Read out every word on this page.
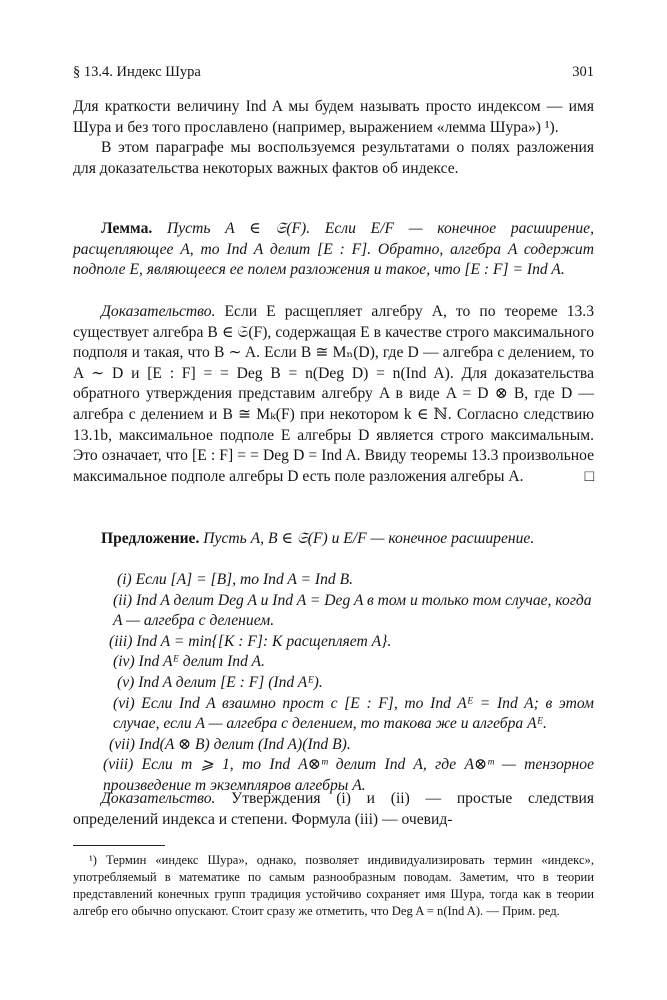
§ 13.4. Индекс Шура	301

Для краткости величину Ind A мы будем называть просто индексом — имя Шура и без того прославлено (например, выражением «лемма Шура») ¹).

В этом параграфе мы воспользуемся результатами о полях разложения для доказательства некоторых важных фактов об индексе.

Лемма. Пусть A ∈ 𝔖(F). Если E/F — конечное расширение, расщепляющее A, то Ind A делит [E : F]. Обратно, алгебра A содержит подполе E, являющееся ее полем разложения и такое, что [E : F] = Ind A.

Доказательство. Если E расщепляет алгебру A, то по теореме 13.3 существует алгебра B ∈ 𝔖(F), содержащая E в качестве строго максимального подполя и такая, что B ∼ A. Если B ≅ Mₙ(D), где D — алгебра с делением, то A ∼ D и [E : F] = = Deg B = n(Deg D) = n(Ind A). Для доказательства обратного утверждения представим алгебру A в виде A = D ⊗ B, где D — алгебра с делением и B ≅ Mₖ(F) при некотором k ∈ ℕ. Согласно следствию 13.1b, максимальное подполе E алгебры D является строго максимальным. Это означает, что [E : F] = = Deg D = Ind A. Ввиду теоремы 13.3 произвольное максимальное подполе алгебры D есть поле разложения алгебры A.	□

Предложение. Пусть A, B ∈ 𝔖(F) и E/F — конечное расширение.

(i) Если [A] = [B], то Ind A = Ind B.

(ii) Ind A делит Deg A и Ind A = Deg A в том и только том случае, когда A — алгебра с делением.

(iii) Ind A = min{[K : F]: K расщепляет A}.

(iv) Ind Aᴱ делит Ind A.

(v) Ind A делит [E : F] (Ind Aᴱ).

(vi) Если Ind A взаимно прост с [E : F], то Ind Aᴱ = Ind A; в этом случае, если A — алгебра с делением, то такова же и алгебра Aᴱ.

(vii) Ind(A ⊗ B) делит (Ind A)(Ind B).

(viii) Если m ⩾ 1, то Ind A⊗ᵐ делит Ind A, где A⊗ᵐ — тензорное произведение m экземпляров алгебры A.

Доказательство. Утверждения (i) и (ii) — простые следствия определений индекса и степени. Формула (iii) — очевид-

¹) Термин «индекс Шура», однако, позволяет индивидуализировать термин «индекс», употребляемый в математике по самым разнообразным поводам. Заметим, что в теории представлений конечных групп традиция устойчиво сохраняет имя Шура, тогда как в теории алгебр его обычно опускают. Стоит сразу же отметить, что Deg A = n(Ind A). — Прим. ред.
